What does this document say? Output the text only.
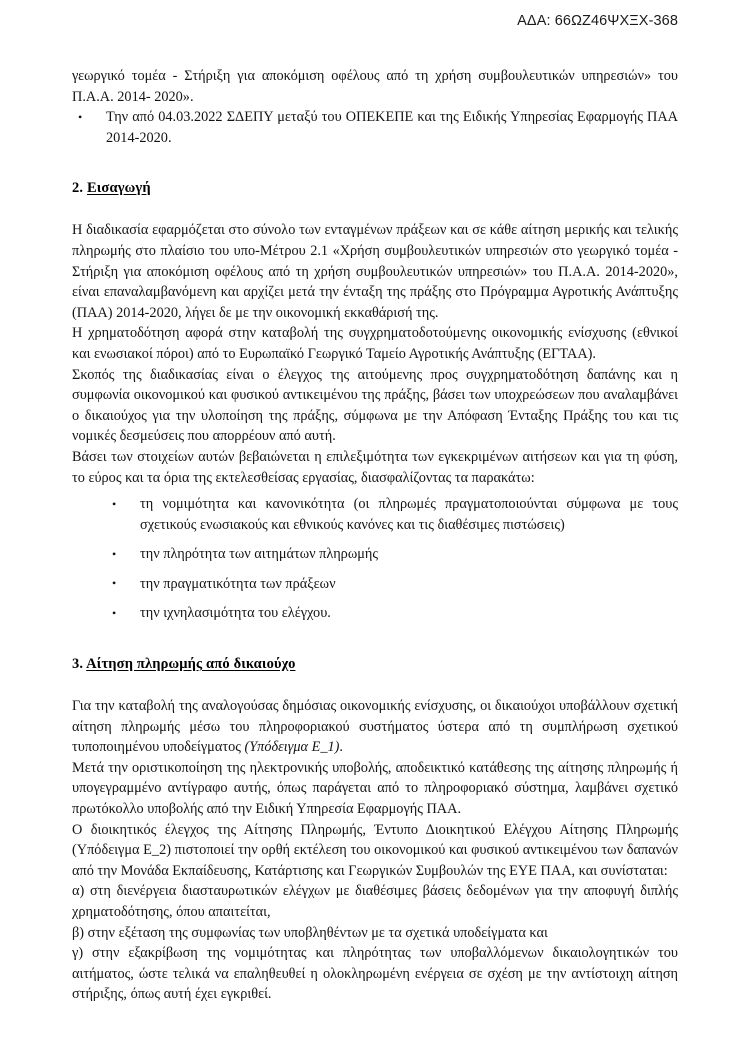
ΑΔΑ: 66ΩΖ46ΨΧΞΧ-368

γεωργικό τομέα - Στήριξη για αποκόμιση οφέλους από τη χρήση συμβουλευτικών υπηρεσιών» του Π.Α.Α. 2014- 2020».

• Την από 04.03.2022 ΣΔΕΠΥ μεταξύ του ΟΠΕΚΕΠΕ και της Ειδικής Υπηρεσίας Εφαρμογής ΠΑΑ 2014-2020.
2. Εισαγωγή

Η διαδικασία εφαρμόζεται στο σύνολο των ενταγμένων πράξεων και σε κάθε αίτηση μερικής και τελικής πληρωμής στο πλαίσιο του υπο-Μέτρου 2.1 «Χρήση συμβουλευτικών υπηρεσιών στο γεωργικό τομέα - Στήριξη για αποκόμιση οφέλους από τη χρήση συμβουλευτικών υπηρεσιών» του Π.Α.Α. 2014-2020», είναι επαναλαμβανόμενη και αρχίζει μετά την ένταξη της πράξης στο Πρόγραμμα Αγροτικής Ανάπτυξης (ΠΑΑ) 2014-2020, λήγει δε με την οικονομική εκκαθάρισή της.

Η χρηματοδότηση αφορά στην καταβολή της συγχρηματοδοτούμενης οικονομικής ενίσχυσης (εθνικοί και ενωσιακοί πόροι) από το Ευρωπαϊκό Γεωργικό Ταμείο Αγροτικής Ανάπτυξης (ΕΓΤΑΑ).

Σκοπός της διαδικασίας είναι ο έλεγχος της αιτούμενης προς συγχρηματοδότηση δαπάνης και η συμφωνία οικονομικού και φυσικού αντικειμένου της πράξης, βάσει των υποχρεώσεων που αναλαμβάνει ο δικαιούχος για την υλοποίηση της πράξης, σύμφωνα με την Απόφαση Ένταξης Πράξης του και τις νομικές δεσμεύσεις που απορρέουν από αυτή.

Βάσει των στοιχείων αυτών βεβαιώνεται η επιλεξιμότητα των εγκεκριμένων αιτήσεων και για τη φύση, το εύρος και τα όρια της εκτελεσθείσας εργασίας, διασφαλίζοντας τα παρακάτω:

• τη νομιμότητα και κανονικότητα (οι πληρωμές πραγματοποιούνται σύμφωνα με τους σχετικούς ενωσιακούς και εθνικούς κανόνες και τις διαθέσιμες πιστώσεις)
• την πληρότητα των αιτημάτων πληρωμής
• την πραγματικότητα των πράξεων
• την ιχνηλασιμότητα του ελέγχου.
3. Αίτηση πληρωμής από δικαιούχο

Για την καταβολή της αναλογούσας δημόσιας οικονομικής ενίσχυσης, οι δικαιούχοι υποβάλλουν σχετική αίτηση πληρωμής μέσω του πληροφοριακού συστήματος ύστερα από τη συμπλήρωση σχετικού τυποποιημένου υποδείγματος (Υπόδειγμα Ε_1).

Μετά την οριστικοποίηση της ηλεκτρονικής υποβολής, αποδεικτικό κατάθεσης της αίτησης πληρωμής ή υπογεγραμμένο αντίγραφο αυτής, όπως παράγεται από το πληροφοριακό σύστημα, λαμβάνει σχετικό πρωτόκολλο υποβολής από την Ειδική Υπηρεσία Εφαρμογής ΠΑΑ.

Ο διοικητικός έλεγχος της Αίτησης Πληρωμής, Έντυπο Διοικητικού Ελέγχου Αίτησης Πληρωμής (Υπόδειγμα Ε_2) πιστοποιεί την ορθή εκτέλεση του οικονομικού και φυσικού αντικειμένου των δαπανών από την Μονάδα Εκπαίδευσης, Κατάρτισης και Γεωργικών Συμβουλών της ΕΥΕ ΠΑΑ, και συνίσταται:

α) στη διενέργεια διασταυρωτικών ελέγχων με διαθέσιμες βάσεις δεδομένων για την αποφυγή διπλής χρηματοδότησης, όπου απαιτείται,

β) στην εξέταση της συμφωνίας των υποβληθέντων με τα σχετικά υποδείγματα και

γ) στην εξακρίβωση της νομιμότητας και πληρότητας των υποβαλλόμενων δικαιολογητικών του αιτήματος, ώστε τελικά να επαληθευθεί η ολοκληρωμένη ενέργεια σε σχέση με την αντίστοιχη αίτηση στήριξης, όπως αυτή έχει εγκριθεί.
